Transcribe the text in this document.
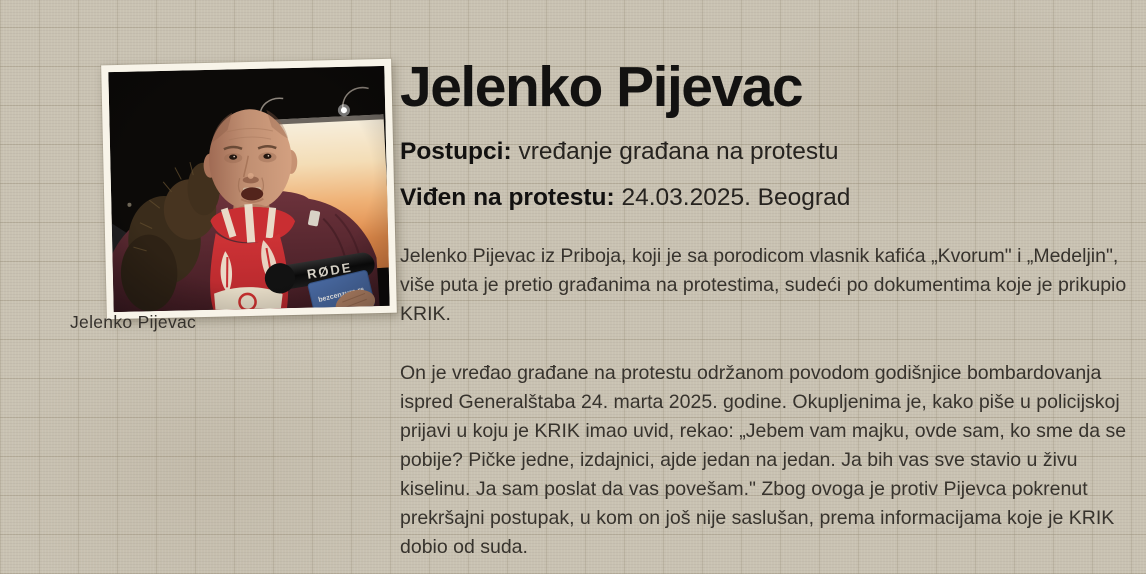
Jelenko Pijevac
Jelenko Pijevac

Postupci: vređanje građana na protestu

Viđen na protestu: 24.03.2025. Beograd

Jelenko Pijevac iz Priboja, koji je sa porodicom vlasnik kafića „Kvorum" i „Medeljin", više puta je pretio građanima na protestima, sudeći po dokumentima koje je prikupio KRIK.

On je vređao građane na protestu održanom povodom godišnjice bombardovanja ispred Generalštaba 24. marta 2025. godine. Okupljenima je, kako piše u policijskoj prijavi u koju je KRIK imao uvid, rekao: „Jebem vam majku, ovde sam, ko sme da se pobije? Pičke jedne, izdajnici, ajde jedan na jedan. Ja bih vas sve stavio u živu kiselinu. Ja sam poslat da vas povešam." Zbog ovoga je protiv Pijevca pokrenut prekršajni postupak, u kom on još nije saslušan, prema informacijama koje je KRIK dobio od suda.
